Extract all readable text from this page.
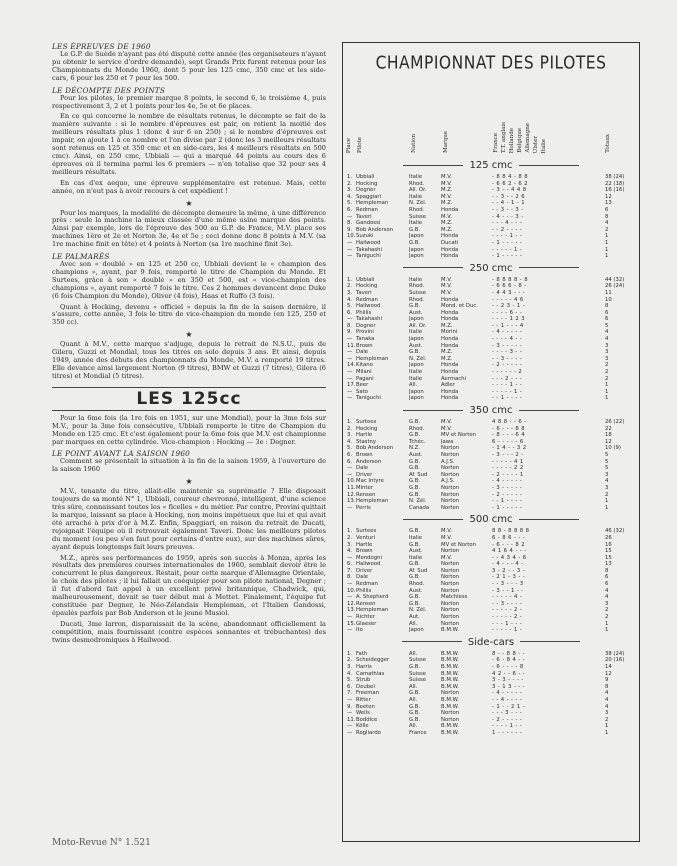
LES ÉPREUVES DE 1960

Le G.P. de Suède n'ayant pas été disputé cette année (les organisateurs n'ayant pu obtenir le service d'ordre demandé), sept Grands Prix furent retenus pour les Championnats du Monde 1960, dont 5 pour les 125 cmc, 350 cmc et les side-cars, 6 pour les 250 et 7 pour les 500.

LE DÉCOMPTE DES POINTS

Pour les pilotes, le premier marque 8 points, le second 6, le troisième 4, puis respectivement 3, 2 et 1 points pour les 4e, 5e et 6e places.

En ce qui concerne le nombre de résultats retenus, le décompte se fait de la manière suivante : si le nombre d'épreuves est pair, on retient la moitié des meilleurs résultats plus 1 (donc 4 sur 6 en 250) ; si le nombre d'épreuves est impair, on ajoute 1 à ce nombre et l'on divise par 2 (donc les 3 meilleurs résultats sont retenus en 125 et 350 cmc et en side-cars, les 4 meilleurs résultats en 500 cmc). Ainsi, en 250 cmc, Ubbiali — qui a marqué 44 points au cours des 6 épreuves où il termina parmi les 6 premiers — n'en totalise que 32 pour ses 4 meilleurs résultats.

En cas d'ex aequo, une épreuve supplémentaire est retenue. Mais, cette année, on n'eut pas à avoir recours à cet expédient !

★

Pour les marques, la modalité de décompte demeure la même, à une différence près : seule la machine la mieux classée d'une même usine marque des points. Ainsi par exemple, lors de l'épreuve des 500 au G.P. de France, M.V. place ses machines 1ère et 2e et Norton 3e, 4e et 5e ; ceci donne donc 8 points à M.V. (sa 1re machine finit en tête) et 4 points à Norton (sa 1re machine finit 3e).

LE PALMARÈS

Avec son « doublé » en 125 et 250 cc, Ubbiali devient le « champion des champions », ayant, par 9 fois, remporté le titre de Champion du Monde. Et Surtees, grâce à son « doublé » en 350 et 500, est « vice-champion des champions », ayant remporté 7 fois le titre. Ces 2 hommes devancent donc Duke (6 fois Champion du Monde), Oliver (4 fois), Haas et Ruffo (3 fois).

Quant à Hocking, devenu « officiel » depuis la fin de la saison dernière, il s'assure, cette année, 3 fois le titre de vice-champion du monde (en 125, 250 et 350 cc).

★

Quant à M.V., cette marque s'adjuge, depuis le retrait de N.S.U., puis de Gilera, Guzzi et Mondial, tous les titres en solo depuis 3 ans. Et ainsi, depuis 1949, année des débuts des championnats du Monde, M.V. a remporté 19 titres. Elle devance ainsi largement Norton (9 titres), BMW et Guzzi (7 titres), Gilera (6 titres) et Mondial (5 titres).

LES 125cc

Pour la 6me fois (la 1re fois en 1951, sur une Mondial), pour la 3me fois sur M.V., pour la 3me fois consécutive, Ubbiali remporte le titre de Champion du Monde en 125 cmc. Et c'est également pour la 6me fois que M.V. est championne par marques en cette cylindrée. Vice-champion : Hocking — 3e : Degner.

LE POINT AVANT LA SAISON 1960

Comment se présentait la situation à la fin de la saison 1959, à l'ouverture de la saison 1960

★

M.V., tenante du titre, allait-elle maintenir sa suprématie ? Elle disposait toujours de sa monté N° 1, Ubbiali, coureur chevronné, intelligent, d'une science très sûre, connaissant toutes les « ficelles » du métier. Par contre, Provini quittait la marque, laissant sa place à Hocking, non moins impétueux que lui et qui avait été arraché à prix d'or à M.Z. Enfin, Spaggiari, en raison du retrait de Ducati, rejoignait l'équipe où il retrouvait également Taveri. Donc les meilleurs pilotes du moment (ou peu s'en faut pour certains d'entre eux), sur des machines sûres, ayant depuis longtemps fait leurs preuves.

M.Z., après ses performances de 1959, après son succès à Monza, après les résultats des premières courses internationales de 1960, semblait devoir être le concurrent le plus dangereux. Restait, pour cette marque d'Allemagne Orientale, le choix des pilotes ; il lui fallait un coéquipier pour son pilote national, Degner ; il fut d'abord fait appel à un excellent privé britannique, Chadwick, qui, malheureusement, devait se tuer début mai à Mettet. Finalement, l'équipe fut constituée par Degner, le Néo-Zélandais Hempleman, et l'Italien Gandossi, épaulés parfois par Bob Anderson et le jeune Musiol.

Ducati, 3me larron, disparaissait de la scène, abandonnant officiellement la compétition, mais fournissant (contre espèces sonnantes et trébuchantes) des twins desmodromiques à Hailwood.

CHAMPIONNAT DES PILOTES
Place Pilote	Nation	Marque	France T.T. anglais Hollande Belgique Allemagne Ulster Italie	Totaux
125 cmc
1. Ubbiali	Italie	M.V.	- 8 8 4 - 8 8	38 (24)
2. Hocking	Rhod.	M.V.	- 6 6 2 - 6 2	22 (18)
3. Degner	All. Or.	M.Z.	- 3 - - 4 4 8	16 (16)
4. Spaggiari	Italie	M.V.	- - 3 - - 2 6	12
5. Hempleman	N. Zél.	M.Z.	- - 4 - 1 - 1	13
6. Redman	Rhod.	Honda	- - 3 - - 3 -	6
— Taveri	Suisse	M.V.	- 4 - - - 3 -	8
8. Gandossi	Italie	M.Z.	- - - 4 - - -	4
9. Bob Anderson	G.B.	M.Z.	- - 2 - - - -	2
10. Suzuki	Japon	Honda	- - - - 1 - -	1
— Hailwood	G.B.	Ducati	- 1 - - - - -	1
— Takahashi	Japon	Honda	- - - - - 1 -	1
— Taniguchi	Japon	Honda	- 1 - - - - -	1
250 cmc
1. Ubbiali	Italie	M.V.	- 8 8 8 8 - 8	44 (32)
2. Hocking	Rhod.	M.V.	- 6 6 6 - 8 -	26 (24)
3. Taveri	Suisse	M.V.	- 4 4 3 - - -	11
4. Redman	Rhod.	Honda	- - - - - 4 6	10
5. Hailwood	G.B.	Mond. et Duc.	- - 2 3 - 1 -	8
6. Phillis	Aust.	Honda	- - - - 6 - -	6
— Takahashi	Japon	Honda	- - - - 1 2 3	6
8. Degner	All. Or.	M.Z.	- - 1 - - - 4	5
9. Provini	Italie	Morini	- 4 - - - - -	4
— Tanaka	Japon	Honda	- - - - 4 - -	4
11. Brown	Aust.	Honda	- 3 - - - - -	3
— Dale	G.B.	M.Z.	- - - - 3 - -	3
— Hempleman	N. Zél.	M.Z.	- - 3 - - - -	3
14. Kitano	Japon	Honda	- 2 - - - - -	2
— Milani	Italie	Honda	- - - - - - 2	2
— Pagani	Italie	Aermachi	- - - 2 - - -	2
17. Beer	All.	Adler	- - - - 1 - -	1
— Sato	Japon	Honda	- - - - - 1 -	1
— Taniguchi	Japon	Honda	- - 1 - - - -	1
350 cmc
1. Surtees	G.B.	M.V.	4 8 8 - - 6 -	26 (22)
2. Hocking	Rhod.	M.V.	- 6 - - - 8 8	22
3. Hartle	G.B.	MV et Norton	- 8 - - - 6 4	18
4. Stastny	Tchéc.	Jawa	6 - - - - - 6	12
5. Bob Anderson	N.Z.	Norton	- 1 4 - - 3 2	10 (9)
6. Brown	Aust.	Norton	- 3 - - - 2 -	5
6. Anderson	G.B.	A.J.S.	- - - - - 4 1	5
— Dale	G.B.	Norton	- - - - - 2 2	5
— Driver	Af. Sud	Norton	- 2 - - - - 1	3
10. Mac Intyre	G.B.	A.J.S.	- 4 - - - - -	4
11. Minter	G.B.	Norton	- 3 - - - - -	3
12. Rensen	G.B.	Norton	- 2 - - - - -	2
13. Hempleman	N. Zél.	Norton	- - 1 - - - -	1
— Perris	Canada	Norton	- 1 - - - - -	1
500 cmc
1. Surtees	G.B.	M.V.	8 8 - 8 8 8 8	46 (32)
2. Venturi	Italie	M.V.	6 - 8 6 - - -	26
3. Hartle	G.B.	MV et Norton	- 6 - - - 8 2	16
4. Brown	Aust.	Norton	4 1 6 4 - - -	15
— Mendogni	Italie	M.V.	- - 4 3 4 - 6	15
6. Hailwood	G.B.	Norton	- 4 - - - 4 -	13
7. Driver	Af. Sud	Norton	3 - 2 - - 3 -	8
8. Dale	G.B.	Norton	- 2 1 - 3 - -	6
— Redman	Rhod.	Norton	- - 3 - - - 3	6
10. Phillis	Aust.	Norton	- 3 - - 1 - -	4
— A. Shepherd	G.B.	Matchless	- - - - - 4 -	4
12. Rensen	G.B.	Norton	- - 3 - - - -	3
13. Hempleman	N. Zél.	Norton	- - - - - 2 -	2
— Richter	Aut.	Norton	- - - - - 2 -	2
15. Glaeser	All.	Norton	- - - 1 - - -	1
— Ito	Japon	B.M.W.	- - - - - 1 -	1
Side-cars
1. Fath	All.	B.M.W.	8 - - 8 8 - -	38 (24)
2. Scheidegger	Suisse	B.M.W.	- 6 - 8 4 - -	20 (16)
3. Harris	G.B.	B.M.W.	- 6 - - - - 8	14
4. Camathias	Suisse	B.M.W.	4 2 - - 6 - -	12
5. Strub	Suisse	B.M.W.	3 - 3 - - - -	9
6. Deubel	All.	B.M.W.	3 - 1 3 - - -	8
7. Freeman	G.B.	Norton	- 4 - - - - -	4
— Ritter	All.	B.M.W.	- - 4 - - - -	4
9. Beeton	G.B.	B.M.W.	- 1 - - 2 1 -	4
— Wells	G.B.	Norton	- - - 3 - - -	3
11. Boddice	G.B.	Norton	- 2 - - - - -	2
— Kölle	All.	B.M.W.	- - - - 1 - -	1
— Rogliardo	France	B.M.W.	1 - - - - - -	1
Moto-Revue N° 1.521
